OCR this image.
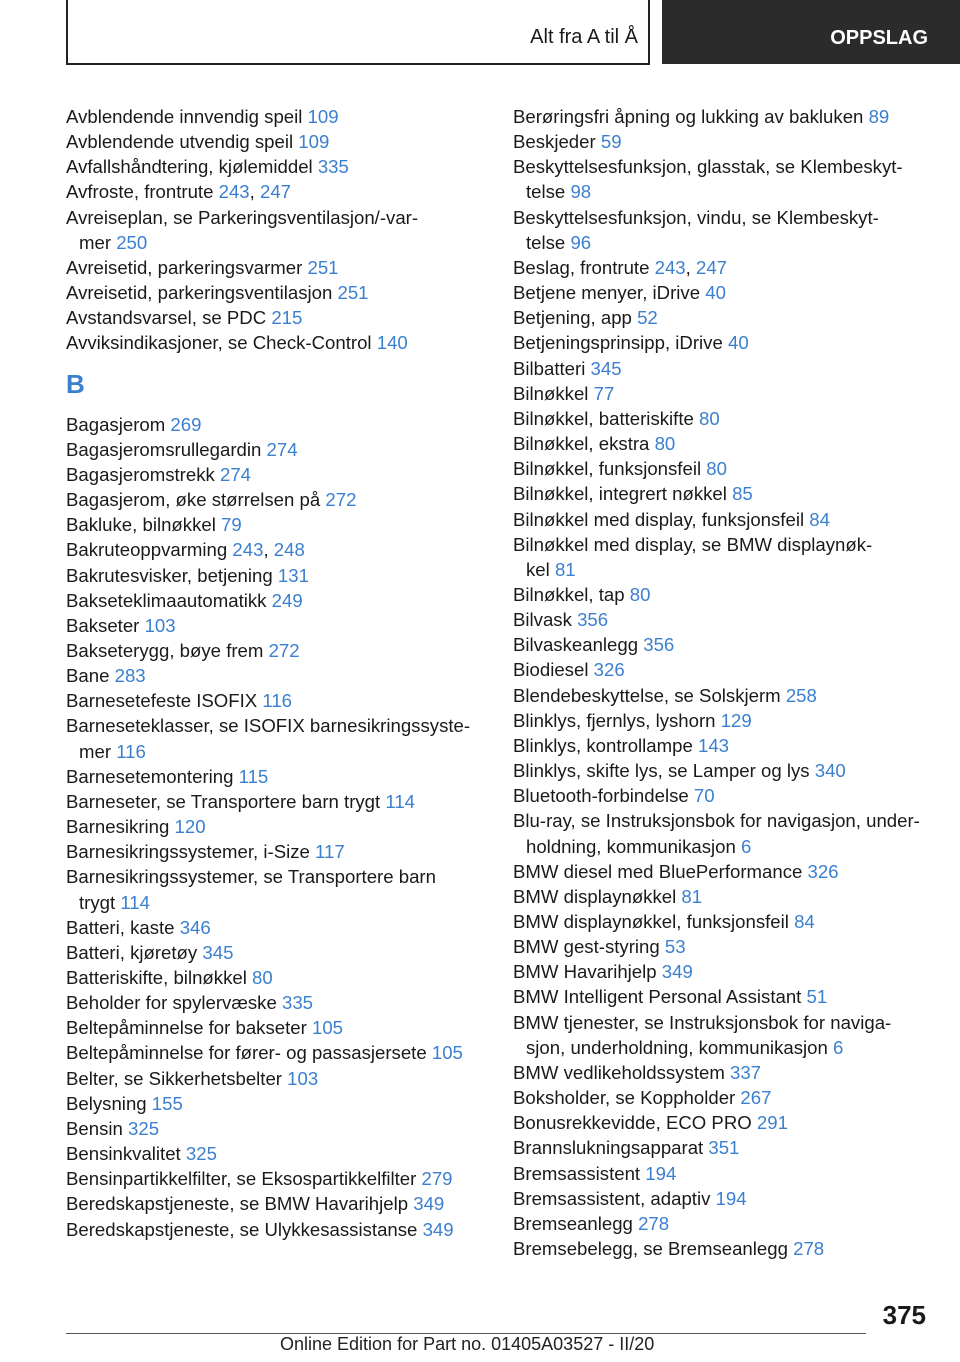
Alt fra A til Å	OPPSLAG
Avblendende innvendig speil 109
Avblendende utvendig speil 109
Avfallshåndtering, kjølemiddel 335
Avfroste, frontrute 243, 247
Avreiseplan, se Parkeringsventilasjon/-var-
mer 250
Avreisetid, parkeringsvarmer 251
Avreisetid, parkeringsventilasjon 251
Avstandsvarsel, se PDC 215
Avviksindikasjoner, se Check-Control 140
B
Bagasjerom 269
Bagasjeromsrullegardin 274
Bagasjeromstrekk 274
Bagasjerom, øke størrelsen på 272
Bakluke, bilnøkkel 79
Bakruteoppvarming 243, 248
Bakrutesvisker, betjening 131
Bakseteklimaautomatikk 249
Bakseter 103
Bakseterygg, bøye frem 272
Bane 283
Barnesetefeste ISOFIX 116
Barneseteklasser, se ISOFIX barnesikringssyste-
mer 116
Barnesetemontering 115
Barneseter, se Transportere barn trygt 114
Barnesikring 120
Barnesikringssystemer, i-Size 117
Barnesikringssystemer, se Transportere barn
trygt 114
Batteri, kaste 346
Batteri, kjøretøy 345
Batteriskifte, bilnøkkel 80
Beholder for spylervæske 335
Beltepåminnelse for bakseter 105
Beltepåminnelse for fører- og passasjersete 105
Belter, se Sikkerhetsbelter 103
Belysning 155
Bensin 325
Bensinkvalitet 325
Bensinpartikkelfilter, se Eksospartikkelfilter 279
Beredskapstjeneste, se BMW Havarihjelp 349
Beredskapstjeneste, se Ulykkesassistanse 349
Berøringsfri åpning og lukking av bakluken 89
Beskjeder 59
Beskyttelsesfunksjon, glasstak, se Klembeskyt-
telse 98
Beskyttelsesfunksjon, vindu, se Klembeskyt-
telse 96
Beslag, frontrute 243, 247
Betjene menyer, iDrive 40
Betjening, app 52
Betjeningsprinsipp, iDrive 40
Bilbatteri 345
Bilnøkkel 77
Bilnøkkel, batteriskifte 80
Bilnøkkel, ekstra 80
Bilnøkkel, funksjonsfeil 80
Bilnøkkel, integrert nøkkel 85
Bilnøkkel med display, funksjonsfeil 84
Bilnøkkel med display, se BMW displaynøk-
kel 81
Bilnøkkel, tap 80
Bilvask 356
Bilvaskeanlegg 356
Biodiesel 326
Blendebeskyttelse, se Solskjerm 258
Blinklys, fjernlys, lyshorn 129
Blinklys, kontrollampe 143
Blinklys, skifte lys, se Lamper og lys 340
Bluetooth-forbindelse 70
Blu-ray, se Instruksjonsbok for navigasjon, under-
holdning, kommunikasjon 6
BMW diesel med BluePerformance 326
BMW displaynøkkel 81
BMW displaynøkkel, funksjonsfeil 84
BMW gest-styring 53
BMW Havarihjelp 349
BMW Intelligent Personal Assistant 51
BMW tjenester, se Instruksjonsbok for naviga-
sjon, underholdning, kommunikasjon 6
BMW vedlikeholdssystem 337
Boksholder, se Koppholder 267
Bonusrekkevidde, ECO PRO 291
Brannslukningsapparat 351
Bremsassistent 194
Bremsassistent, adaptiv 194
Bremseanlegg 278
Bremsebelegg, se Bremseanlegg 278
375
Online Edition for Part no. 01405A03527 - II/20
